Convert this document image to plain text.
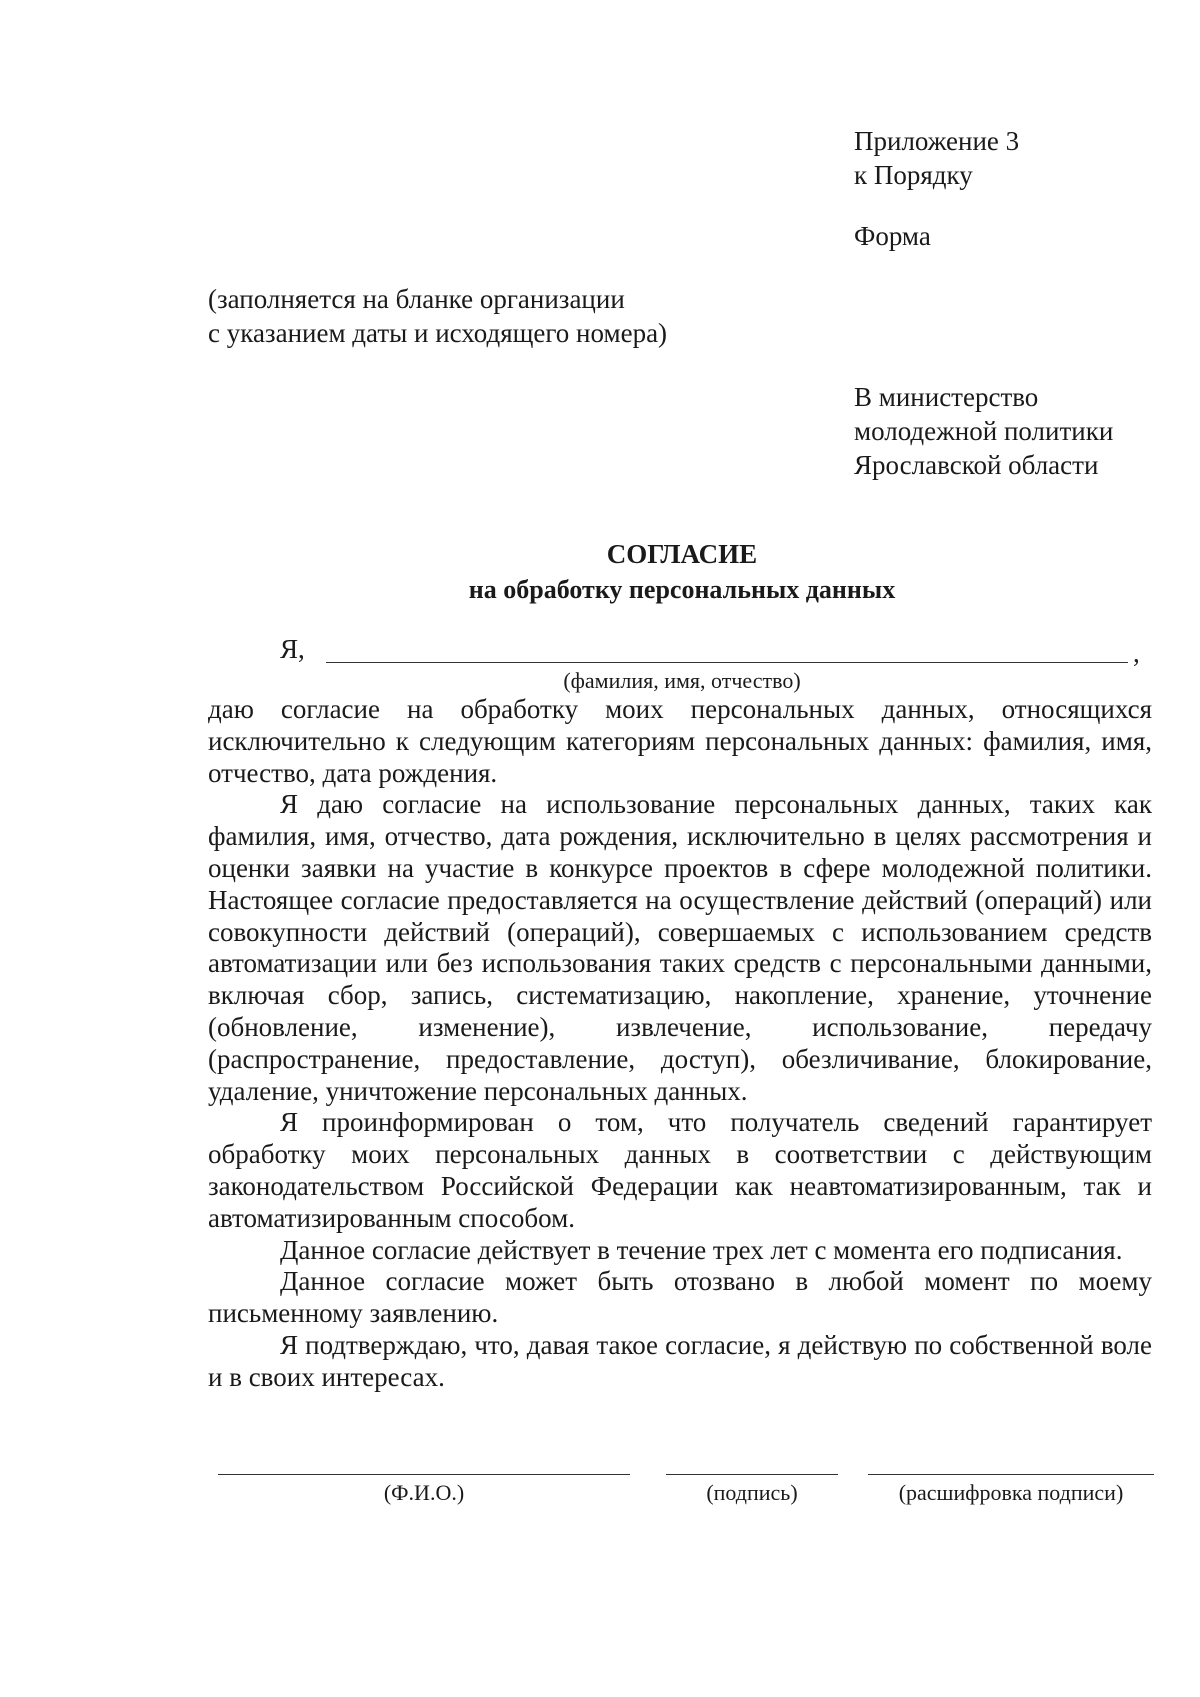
Приложение 3
к Порядку
Форма
(заполняется на бланке организации
с указанием даты и исходящего номера)
В министерство
молодежной политики
Ярославской области
СОГЛАСИЕ
на обработку персональных данных
Я,	,
(фамилия, имя, отчество)

даю согласие на обработку моих персональных данных, относящихся исключительно к следующим категориям персональных данных: фамилия, имя, отчество, дата рождения.

Я даю согласие на использование персональных данных, таких как фамилия, имя, отчество, дата рождения, исключительно в целях рассмотрения и оценки заявки на участие в конкурсе проектов в сфере молодежной политики. Настоящее согласие предоставляется на осуществление действий (операций) или совокупности действий (операций), совершаемых с использованием средств автоматизации или без использования таких средств с персональными данными, включая сбор, запись, систематизацию, накопление, хранение, уточнение (обновление, изменение), извлечение, использование, передачу (распространение, предоставление, доступ), обезличивание, блокирование, удаление, уничтожение персональных данных.

Я проинформирован о том, что получатель сведений гарантирует обработку моих персональных данных в соответствии с действующим законодательством Российской Федерации как неавтоматизированным, так и автоматизированным способом.

Данное согласие действует в течение трех лет с момента его подписания.

Данное согласие может быть отозвано в любой момент по моему письменному заявлению.

Я подтверждаю, что, давая такое согласие, я действую по собственной воле и в своих интересах.

(Ф.И.О.)	(подпись)	(расшифровка подписи)
